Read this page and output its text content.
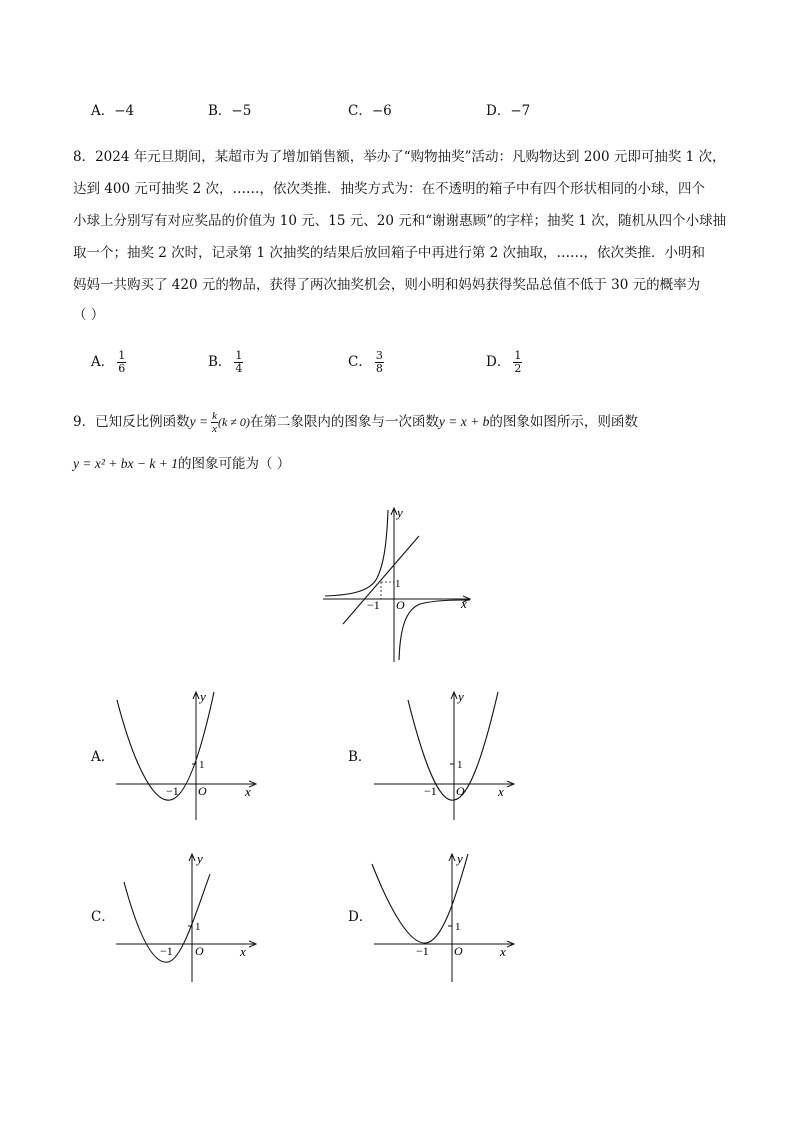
A．−4	B．−5	C．−6	D．−7
8．2024 年元旦期间，某超市为了增加销售额，举办了“购物抽奖”活动：凡购物达到 200 元即可抽奖 1 次，
达到 400 元可抽奖 2 次，……，依次类推．抽奖方式为：在不透明的箱子中有四个形状相同的小球，四个
小球上分别写有对应奖品的价值为 10 元、15 元、20 元和“谢谢惠顾”的字样；抽奖 1 次，随机从四个小球抽
取一个；抽奖 2 次时，记录第 1 次抽奖的结果后放回箱子中再进行第 2 次抽取，……，依次类推．小明和
妈妈一共购买了 420 元的物品，获得了两次抽奖机会，则小明和妈妈获得奖品总值不低于 30 元的概率为
（ ）
A． $\frac{1}{6}$	B． $\frac{1}{4}$	C． $\frac{3}{8}$	D． $\frac{1}{2}$
9．已知反比例函数$y = \frac{k}{x} (k \ne 0)$在第二象限内的图象与一次函数y = x + b的图象如图所示，则函数
y = x² + bx − k + 1的图象可能为（ ）
y
x
O
−1
1
A．
y
x
O
−1
1	B．
y
x
O
−1
1
C．
y
x
O
−1
1
D．
y
x
O
−1
1
